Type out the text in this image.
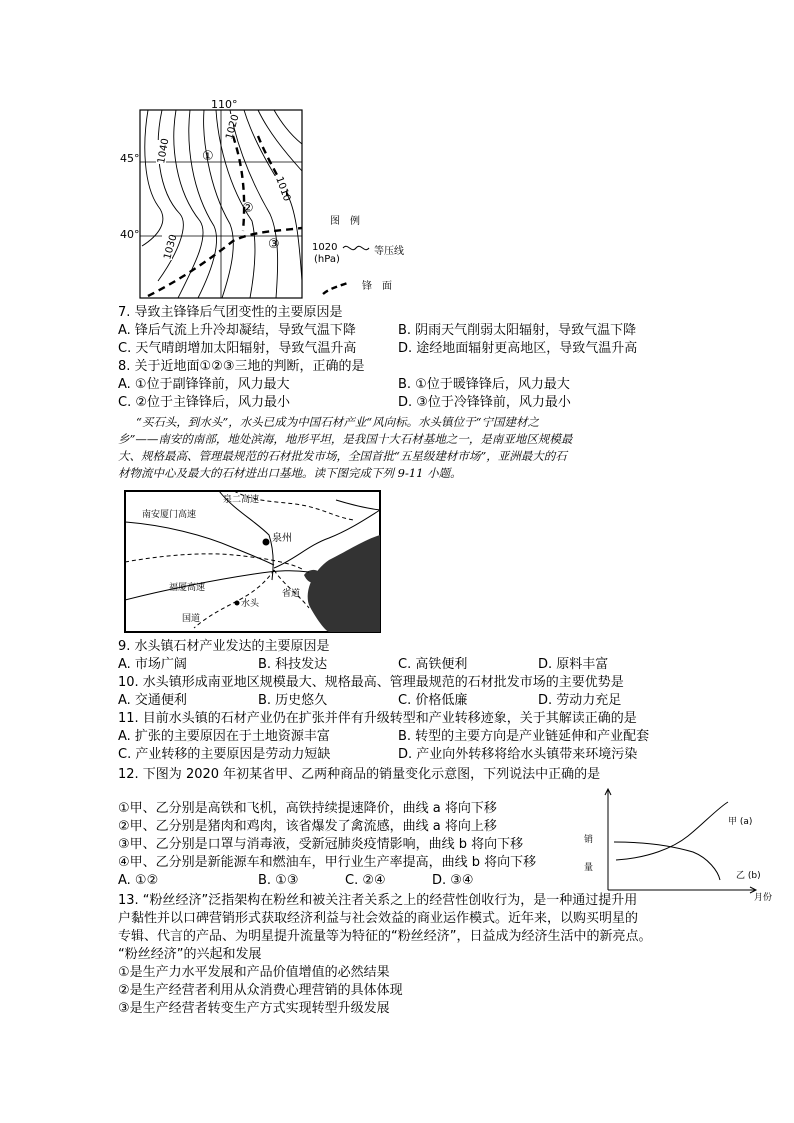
110°
45°
40°
1040
1020
1030
1010
①
②
③
图　例
1020
(hPa)
等压线
锋　面
7. 导致主锋锋后气团变性的主要原因是
A. 锋后气流上升冷却凝结，导致气温下降	B. 阴雨天气削弱太阳辐射，导致气温下降
C. 天气晴朗增加太阳辐射，导致气温升高	D. 途经地面辐射更高地区，导致气温升高
8. 关于近地面①②③三地的判断，正确的是
A. ①位于副锋锋前，风力最大	B. ①位于暖锋锋后，风力最大
C. ②位于主锋锋后，风力最小	D. ③位于冷锋锋前，风力最小
“买石头，到水头”，水头已成为中国石材产业“风向标。水头镇位于“宁国建材之
乡”——南安的南部，地处滨海，地形平坦，是我国十大石材基地之一，是南亚地区规模最
大、规格最高、管理最规范的石材批发市场，全国首批“五星级建材市场”，亚洲最大的石
材物流中心及最大的石材进出口基地。读下图完成下列 9-11 小题。
泉二高速
南安厦门高速
泉州
福厦高速
省道
水头
国道
9. 水头镇石材产业发达的主要原因是
A. 市场广阔	B. 科技发达	C. 高铁便利	D. 原料丰富
10. 水头镇形成南亚地区规模最大、规格最高、管理最规范的石材批发市场的主要优势是
A. 交通便利	B. 历史悠久	C. 价格低廉	D. 劳动力充足
11. 目前水头镇的石材产业仍在扩张并伴有升级转型和产业转移迹象，关于其解读正确的是
A. 扩张的主要原因在于土地资源丰富	B. 转型的主要方向是产业链延伸和产业配套
C. 产业转移的主要原因是劳动力短缺	D. 产业向外转移将给水头镇带来环境污染
12. 下图为 2020 年初某省甲、乙两种商品的销量变化示意图，下列说法中正确的是
①甲、乙分别是高铁和飞机，高铁持续提速降价，曲线 a 将向下移
②甲、乙分别是猪肉和鸡肉，该省爆发了禽流感，曲线 a 将向上移
③甲、乙分别是口罩与消毒液，受新冠肺炎疫情影响，曲线 b 将向下移
④甲、乙分别是新能源车和燃油车，甲行业生产率提高，曲线 b 将向下移
A. ①②	B. ①③	C. ②④	D. ③④
销
量
月份
甲 (a)
乙 (b)
13. “粉丝经济”泛指架构在粉丝和被关注者关系之上的经营性创收行为，是一种通过提升用
户黏性并以口碑营销形式获取经济利益与社会效益的商业运作模式。近年来，以购买明星的
专辑、代言的产品、为明星提升流量等为特征的“粉丝经济”，日益成为经济生活中的新亮点。
“粉丝经济”的兴起和发展
①是生产力水平发展和产品价值增值的必然结果
②是生产经营者利用从众消费心理营销的具体体现
③是生产经营者转变生产方式实现转型升级发展
